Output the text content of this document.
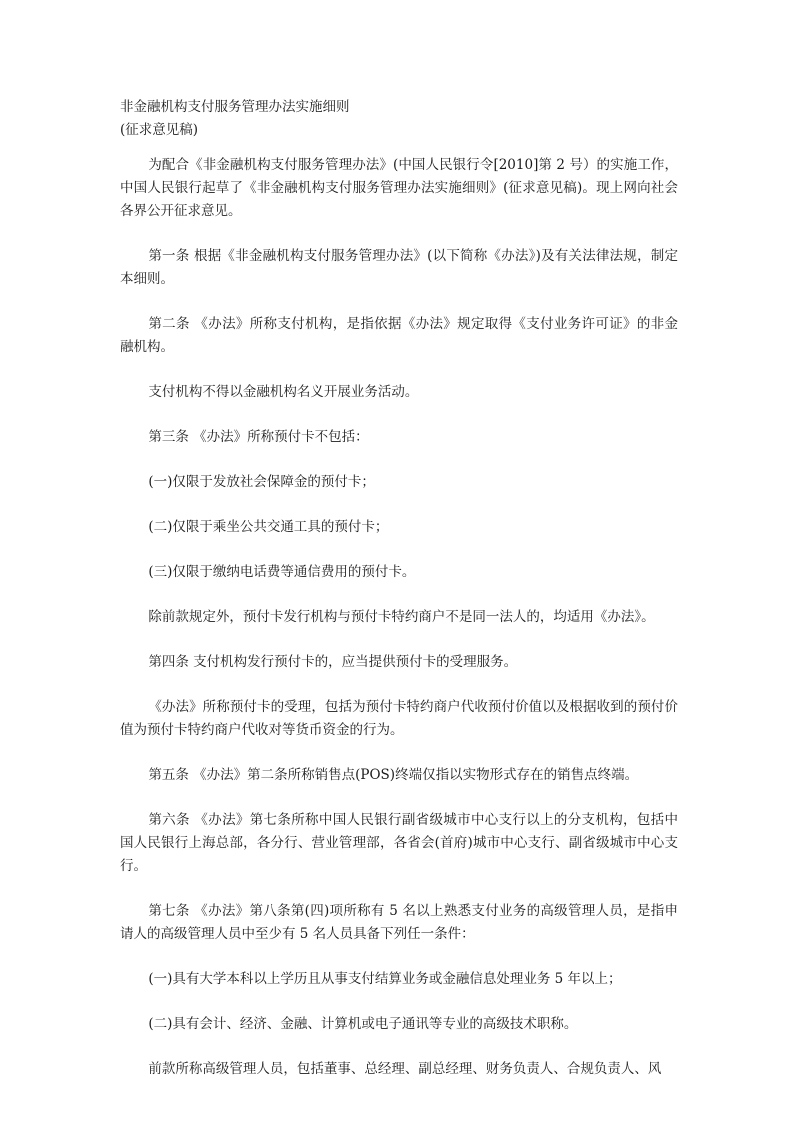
非金融机构支付服务管理办法实施细则
(征求意见稿)

为配合《非金融机构支付服务管理办法》(中国人民银行令[2010]第 2 号）的实施工作，中国人民银行起草了《非金融机构支付服务管理办法实施细则》(征求意见稿)。现上网向社会各界公开征求意见。

第一条 根据《非金融机构支付服务管理办法》(以下简称《办法》)及有关法律法规，制定本细则。

第二条 《办法》所称支付机构，是指依据《办法》规定取得《支付业务许可证》的非金融机构。

支付机构不得以金融机构名义开展业务活动。

第三条 《办法》所称预付卡不包括：

(一)仅限于发放社会保障金的预付卡；

(二)仅限于乘坐公共交通工具的预付卡；

(三)仅限于缴纳电话费等通信费用的预付卡。

除前款规定外，预付卡发行机构与预付卡特约商户不是同一法人的，均适用《办法》。

第四条 支付机构发行预付卡的，应当提供预付卡的受理服务。

《办法》所称预付卡的受理，包括为预付卡特约商户代收预付价值以及根据收到的预付价值为预付卡特约商户代收对等货币资金的行为。

第五条 《办法》第二条所称销售点(POS)终端仅指以实物形式存在的销售点终端。

第六条 《办法》第七条所称中国人民银行副省级城市中心支行以上的分支机构，包括中国人民银行上海总部，各分行、营业管理部，各省会(首府)城市中心支行、副省级城市中心支行。

第七条 《办法》第八条第(四)项所称有 5 名以上熟悉支付业务的高级管理人员，是指申请人的高级管理人员中至少有 5 名人员具备下列任一条件：

(一)具有大学本科以上学历且从事支付结算业务或金融信息处理业务 5 年以上；

(二)具有会计、经济、金融、计算机或电子通讯等专业的高级技术职称。

前款所称高级管理人员，包括董事、总经理、副总经理、财务负责人、合规负责人、风
